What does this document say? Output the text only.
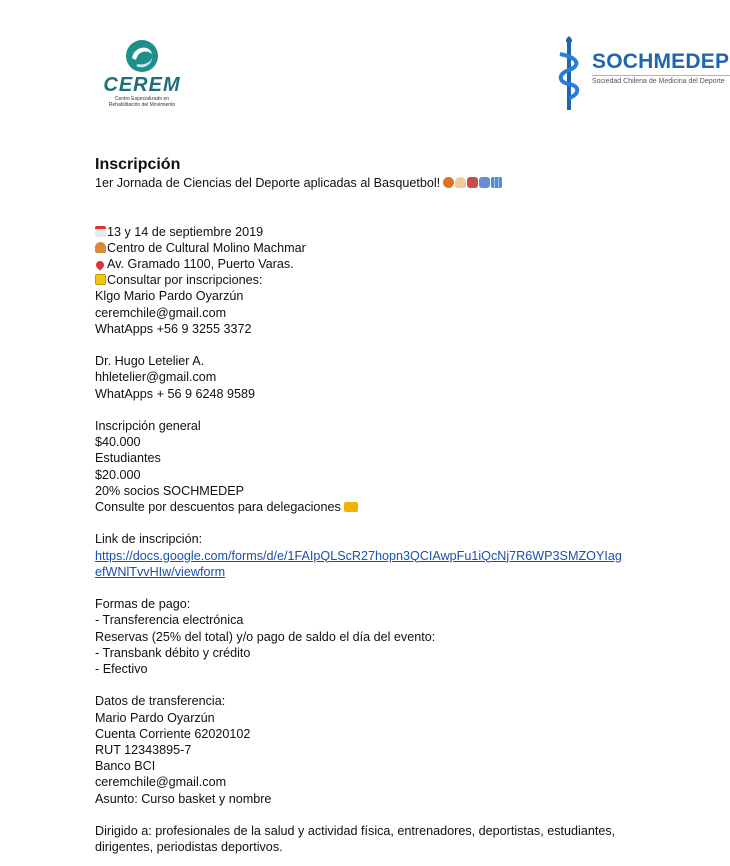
CEREM
Centro Especializado en
Rehabilitación del Movimiento
SOCHMEDEP
Sociedad Chilena de Medicina del Deporte
Inscripción

1er Jornada de Ciencias del Deporte aplicadas al Basquetbol!

13 y 14 de septiembre 2019

Centro de Cultural Molino Machmar

Av. Gramado 1100, Puerto Varas.

Consultar por inscripciones:

Klgo Mario Pardo Oyarzún

ceremchile@gmail.com

WhatApps +56 9 3255 3372

Dr. Hugo Letelier A.

hhletelier@gmail.com

WhatApps + 56 9 6248 9589

Inscripción general

$40.000

Estudiantes

$20.000

20% socios SOCHMEDEP

Consulte por descuentos para delegaciones

Link de inscripción:

https://docs.google.com/forms/d/e/1FAIpQLScR27hopn3QCIAwpFu1iQcNj7R6WP3SMZOYIag
efWNlTvvHIw/viewform

Formas de pago:

- Transferencia electrónica

Reservas (25% del total) y/o pago de saldo el día del evento:

- Transbank débito y crédito

- Efectivo

Datos de transferencia:

Mario Pardo Oyarzún

Cuenta Corriente 62020102

RUT 12343895-7

Banco BCI

ceremchile@gmail.com

Asunto: Curso basket y nombre

Dirigido a: profesionales de la salud y actividad física, entrenadores, deportistas, estudiantes,

dirigentes, periodistas deportivos.
